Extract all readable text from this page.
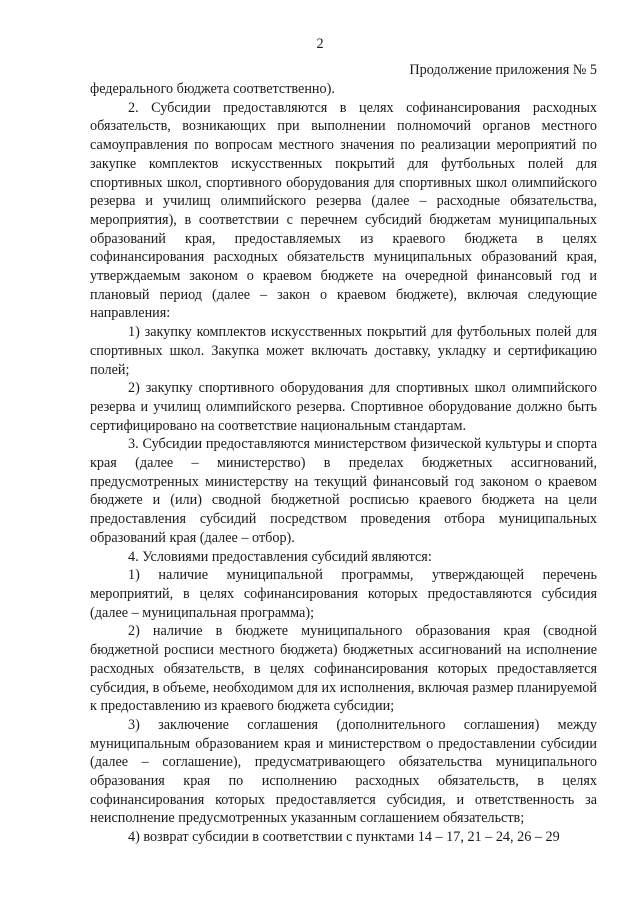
2
Продолжение приложения № 5

федерального бюджета соответственно).

2. Субсидии предоставляются в целях софинансирования расходных обязательств, возникающих при выполнении полномочий органов местного самоуправления по вопросам местного значения по реализации мероприятий по закупке комплектов искусственных покрытий для футбольных полей для спортивных школ, спортивного оборудования для спортивных школ олимпийского резерва и училищ олимпийского резерва (далее – расходные обязательства, мероприятия), в соответствии с перечнем субсидий бюджетам муниципальных образований края, предоставляемых из краевого бюджета в целях софинансирования расходных обязательств муниципальных образований края, утверждаемым законом о краевом бюджете на очередной финансовый год и плановый период (далее – закон о краевом бюджете), включая следующие направления:

1) закупку комплектов искусственных покрытий для футбольных полей для спортивных школ. Закупка может включать доставку, укладку и сертификацию полей;

2) закупку спортивного оборудования для спортивных школ олимпийского резерва и училищ олимпийского резерва. Спортивное оборудование должно быть сертифицировано на соответствие национальным стандартам.

3. Субсидии предоставляются министерством физической культуры и спорта края (далее – министерство) в пределах бюджетных ассигнований, предусмотренных министерству на текущий финансовый год законом о краевом бюджете и (или) сводной бюджетной росписью краевого бюджета на цели предоставления субсидий посредством проведения отбора муниципальных образований края (далее – отбор).

4. Условиями предоставления субсидий являются:

1) наличие муниципальной программы, утверждающей перечень мероприятий, в целях софинансирования которых предоставляются субсидия (далее – муниципальная программа);

2) наличие в бюджете муниципального образования края (сводной бюджетной росписи местного бюджета) бюджетных ассигнований на исполнение расходных обязательств, в целях софинансирования которых предоставляется субсидия, в объеме, необходимом для их исполнения, включая размер планируемой к предоставлению из краевого бюджета субсидии;

3) заключение соглашения (дополнительного соглашения) между муниципальным образованием края и министерством о предоставлении субсидии (далее – соглашение), предусматривающего обязательства муниципального образования края по исполнению расходных обязательств, в целях софинансирования которых предоставляется субсидия, и ответственность за неисполнение предусмотренных указанным соглашением обязательств;

4) возврат субсидии в соответствии с пунктами 14 – 17, 21 – 24, 26 – 29
